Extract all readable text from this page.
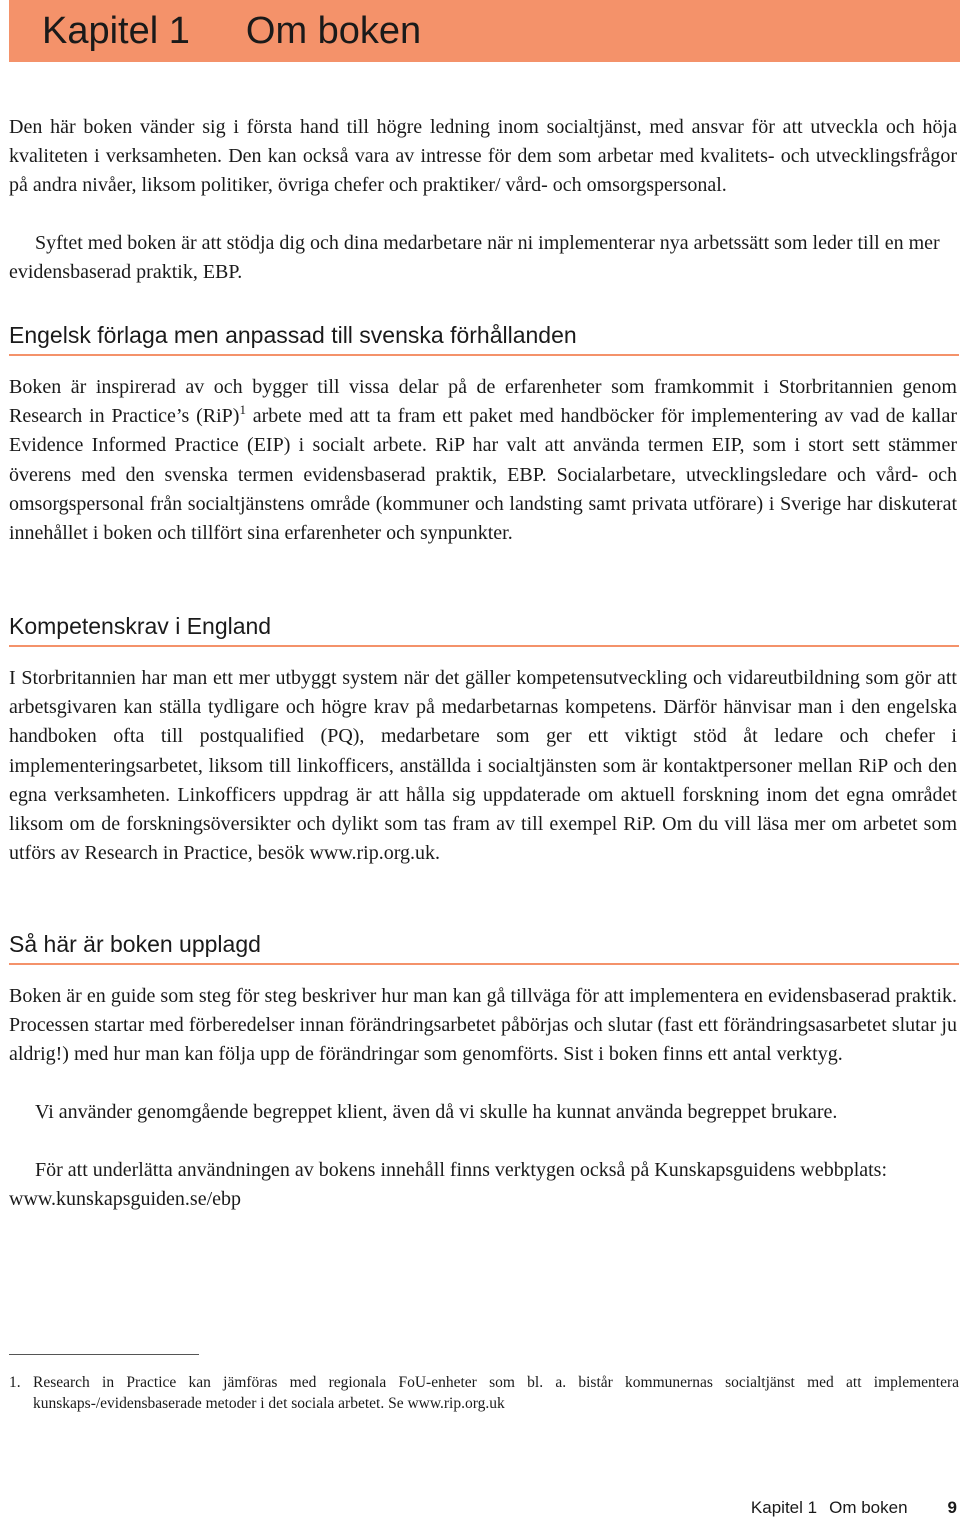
Kapitel 1 Om boken

Den här boken vänder sig i första hand till högre ledning inom socialtjänst, med ansvar för att utveckla och höja kvaliteten i verksamheten. Den kan också vara av intresse för dem som arbetar med kvalitets- och utvecklingsfrågor på andra nivåer, liksom politiker, övriga chefer och praktiker/ vård- och omsorgspersonal.

Syftet med boken är att stödja dig och dina medarbetare när ni implementerar nya arbetssätt som leder till en mer evidensbaserad praktik, EBP.

Engelsk förlaga men anpassad till svenska förhållanden

Boken är inspirerad av och bygger till vissa delar på de erfarenheter som framkommit i Storbritannien genom Research in Practice’s (RiP)$^1$ arbete med att ta fram ett paket med handböcker för implementering av vad de kallar Evidence Informed Practice (EIP) i socialt arbete. RiP har valt att använda termen EIP, som i stort sett stämmer överens med den svenska termen evidensbaserad praktik, EBP. Socialarbetare, utvecklingsledare och vård- och omsorgspersonal från socialtjänstens område (kommuner och landsting samt privata utförare) i Sverige har diskuterat innehållet i boken och tillfört sina erfarenheter och synpunkter.

Kompetenskrav i England

I Storbritannien har man ett mer utbyggt system när det gäller kompetensutveckling och vidareutbildning som gör att arbetsgivaren kan ställa tydligare och högre krav på medarbetarnas kompetens. Därför hänvisar man i den engelska handboken ofta till postqualified (PQ), medarbetare som ger ett viktigt stöd åt ledare och chefer i implementeringsarbetet, liksom till linkofficers, anställda i socialtjänsten som är kontaktpersoner mellan RiP och den egna verksamheten. Linkofficers uppdrag är att hålla sig uppdaterade om aktuell forskning inom det egna området liksom om de forskningsöversikter och dylikt som tas fram av till exempel RiP. Om du vill läsa mer om arbetet som utförs av Research in Practice, besök www.rip.org.uk.

Så här är boken upplagd

Boken är en guide som steg för steg beskriver hur man kan gå tillväga för att implementera en evidensbaserad praktik. Processen startar med förberedelser innan förändringsarbetet påbörjas och slutar (fast ett förändringsasarbetet slutar ju aldrig!) med hur man kan följa upp de förändringar som genomförts. Sist i boken finns ett antal verktyg.

Vi använder genomgående begreppet klient, även då vi skulle ha kunnat använda begreppet brukare.

För att underlätta användningen av bokens innehåll finns verktygen också på Kunskapsguidens webbplats: www.kunskapsguiden.se/ebp

1. Research in Practice kan jämföras med regionala FoU-enheter som bl. a. bistår kommunernas socialtjänst med att implementera kunskaps-/evidensbaserade metoder i det sociala arbetet. Se www.rip.org.uk

Kapitel 1 Om boken 9
